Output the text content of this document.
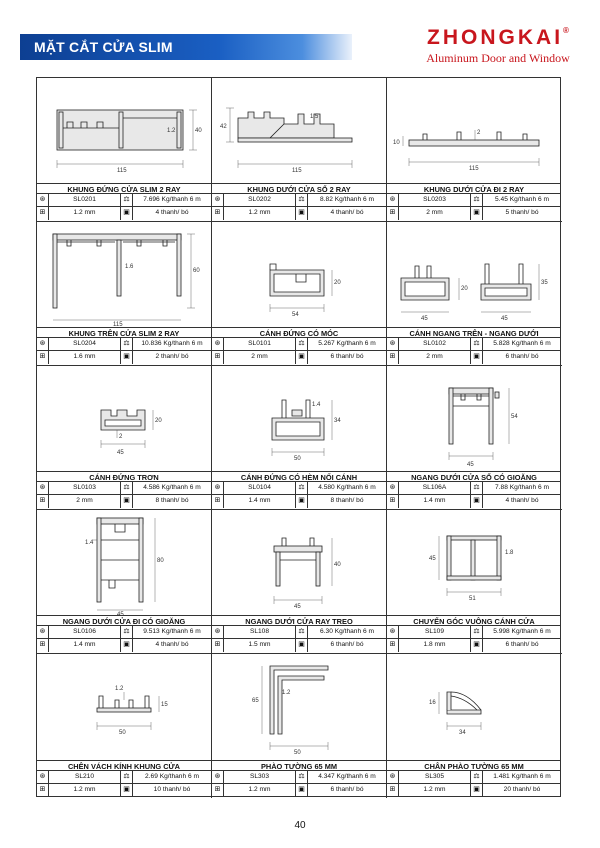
MẶT CẮT CỬA SLIM	ZHONGKAI®
Aluminum Door and Window
115
1.2	40
KHUNG ĐỨNG CỬA SLIM 2 RAY
⊛	SL0201	⚖	7.696 Kg/thanh 6 m
⊞	1.2 mm	▣	4 thanh/ bó
115
42
1.5
KHUNG DƯỚI CỬA SỔ 2 RAY
⊛	SL0202	⚖	8.82 Kg/thanh 6 m
⊞	1.2 mm	▣	4 thanh/ bó
115
10
2
KHUNG DƯỚI CỬA ĐI 2 RAY
⊛	SL0203	⚖	5.45 Kg/thanh 6 m
⊞	2 mm	▣	5 thanh/ bó
115
60
1.6
KHUNG TRÊN CỬA SLIM 2 RAY
⊛	SL0204	⚖	10.836 Kg/thanh 6 m
⊞	1.6 mm	▣	2 thanh/ bó
54
20
CÁNH ĐỨNG CÓ MÓC
⊛	SL0101	⚖	5.267 Kg/thanh 6 m
⊞	2 mm	▣	6 thanh/ bó
45
20
45
35
CÁNH NGANG TRÊN - NGANG DƯỚI
⊛	SL0102	⚖	5.828 Kg/thanh 6 m
⊞	2 mm	▣	6 thanh/ bó
45
20
2
CÁNH ĐỨNG TRƠN
⊛	SL0103	⚖	4.586 Kg/thanh 6 m
⊞	2 mm	▣	8 thanh/ bó
50
34
1.4
CÁNH ĐỨNG CÓ HÈM NỐI CÁNH
⊛	SL0104	⚖	4.580 Kg/thanh 6 m
⊞	1.4 mm	▣	8 thanh/ bó
45
54
NGANG DƯỚI CỬA SỔ CÓ GIOĂNG
⊛	SL106A	⚖	7.88 Kg/thanh 6 m
⊞	1.4 mm	▣	4 thanh/ bó
45
80
1.4
NGANG DƯỚI CỬA ĐI CÓ GIOĂNG
⊛	SL0106	⚖	9.513 Kg/thanh 6 m
⊞	1.4 mm	▣	4 thanh/ bó
45
40
NGANG DƯỚI CỬA RAY TREO
⊛	SL108	⚖	6.30 Kg/thanh 6 m
⊞	1.5 mm	▣	6 thanh/ bó
51
45
1.8
CHUYỂN GÓC VUÔNG CÁNH CỬA
⊛	SL109	⚖	5.998 Kg/thanh 6 m
⊞	1.8 mm	▣	6 thanh/ bó
50
15
1.2
CHÊN VÁCH KÍNH KHUNG CỬA
⊛	SL210	⚖	2.69 Kg/thanh 6 m
⊞	1.2 mm	▣	10 thanh/ bó
50
65
1.2
PHÀO TƯỜNG 65 MM
⊛	SL303	⚖	4.347 Kg/thanh 6 m
⊞	1.2 mm	▣	6 thanh/ bó
34
16
CHÂN PHÀO TƯỜNG 65 MM
⊛	SL305	⚖	1.481 Kg/thanh 6 m
⊞	1.2 mm	▣	20 thanh/ bó
40
